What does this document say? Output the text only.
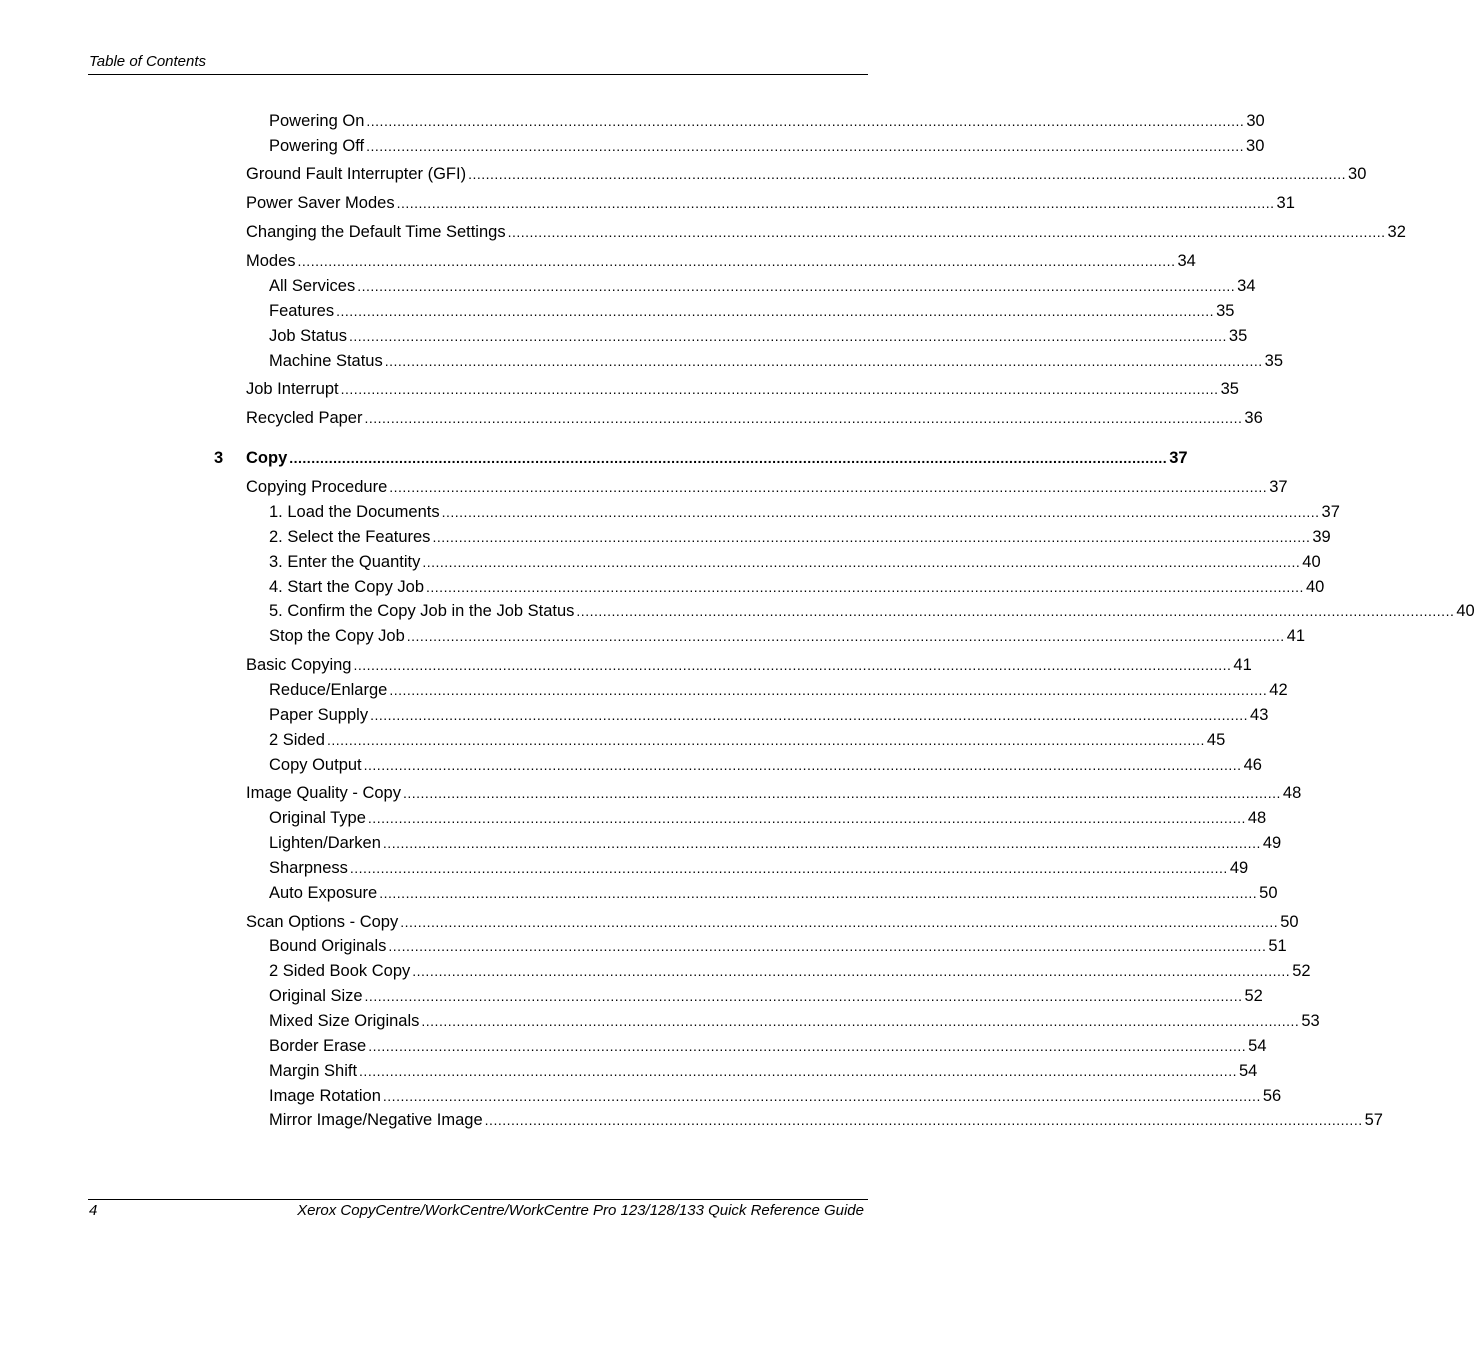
Table of Contents
Powering On ........................................................................................................................................................................................................ 30
Powering Off ........................................................................................................................................................................................................ 30
Ground Fault Interrupter (GFI) ........................................................................................................................................................................................................ 30
Power Saver Modes ........................................................................................................................................................................................................ 31
Changing the Default Time Settings ........................................................................................................................................................................................................ 32
Modes ........................................................................................................................................................................................................ 34
All Services ........................................................................................................................................................................................................ 34
Features ........................................................................................................................................................................................................ 35
Job Status ........................................................................................................................................................................................................ 35
Machine Status ........................................................................................................................................................................................................ 35
Job Interrupt ........................................................................................................................................................................................................ 35
Recycled Paper ........................................................................................................................................................................................................ 36
3 Copy ........................................................................................................................................................................................................ 37
Copying Procedure ........................................................................................................................................................................................................ 37
1. Load the Documents ........................................................................................................................................................................................................ 37
2. Select the Features ........................................................................................................................................................................................................ 39
3. Enter the Quantity ........................................................................................................................................................................................................ 40
4. Start the Copy Job ........................................................................................................................................................................................................ 40
5. Confirm the Copy Job in the Job Status ........................................................................................................................................................................................................ 40
Stop the Copy Job ........................................................................................................................................................................................................ 41
Basic Copying ........................................................................................................................................................................................................ 41
Reduce/Enlarge ........................................................................................................................................................................................................ 42
Paper Supply ........................................................................................................................................................................................................ 43
2 Sided ........................................................................................................................................................................................................ 45
Copy Output ........................................................................................................................................................................................................ 46
Image Quality - Copy ........................................................................................................................................................................................................ 48
Original Type ........................................................................................................................................................................................................ 48
Lighten/Darken ........................................................................................................................................................................................................ 49
Sharpness ........................................................................................................................................................................................................ 49
Auto Exposure ........................................................................................................................................................................................................ 50
Scan Options - Copy ........................................................................................................................................................................................................ 50
Bound Originals ........................................................................................................................................................................................................ 51
2 Sided Book Copy ........................................................................................................................................................................................................ 52
Original Size ........................................................................................................................................................................................................ 52
Mixed Size Originals ........................................................................................................................................................................................................ 53
Border Erase ........................................................................................................................................................................................................ 54
Margin Shift ........................................................................................................................................................................................................ 54
Image Rotation ........................................................................................................................................................................................................ 56
Mirror Image/Negative Image ........................................................................................................................................................................................................ 57
4	Xerox CopyCentre/WorkCentre/WorkCentre Pro 123/128/133 Quick Reference Guide
